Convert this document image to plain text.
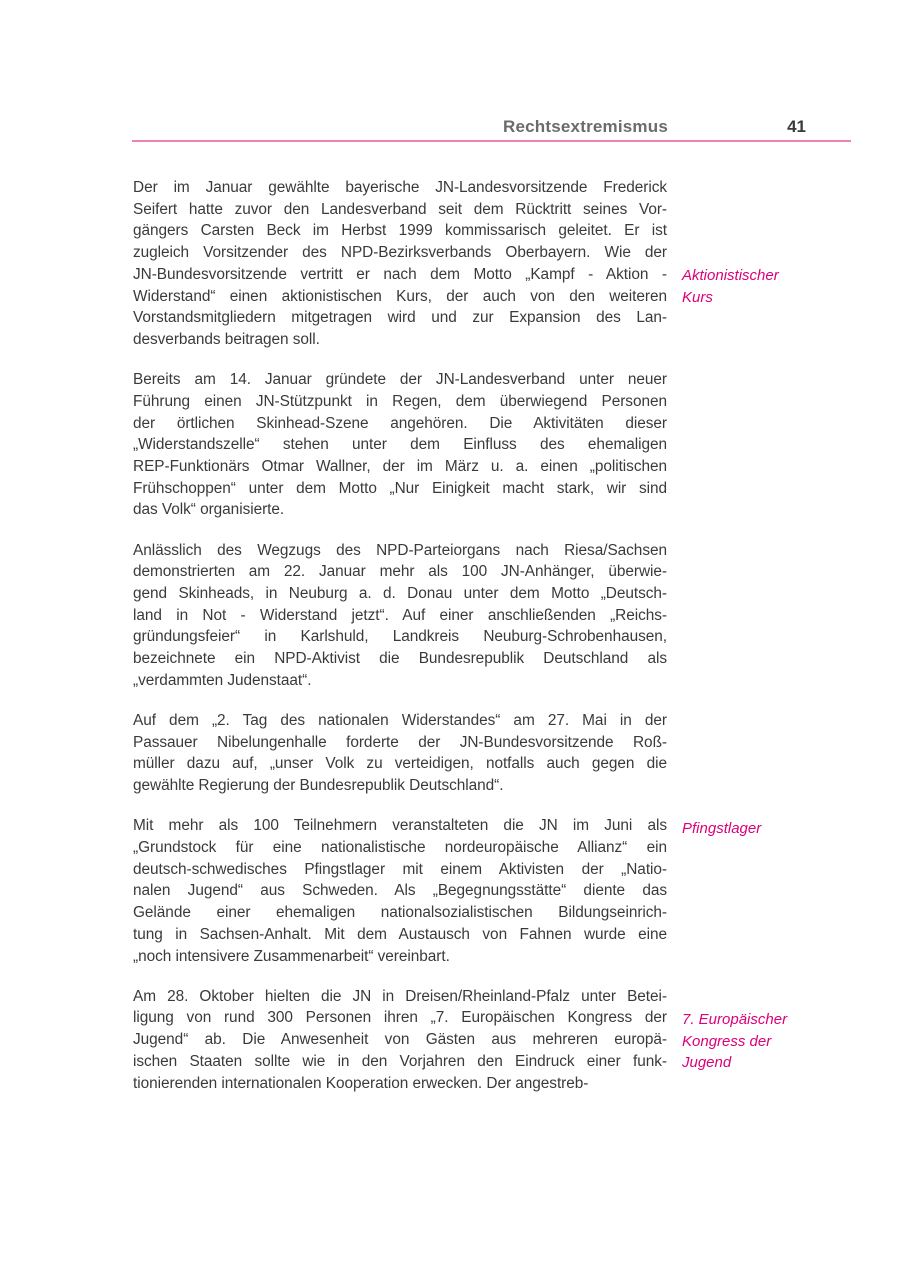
Rechtsextremismus	41

Der im Januar gewählte bayerische JN-Landesvorsitzende Frederick
Seifert hatte zuvor den Landesverband seit dem Rücktritt seines Vor-
gängers Carsten Beck im Herbst 1999 kommissarisch geleitet. Er ist
zugleich Vorsitzender des NPD-Bezirksverbands Oberbayern. Wie der
JN-Bundesvorsitzende vertritt er nach dem Motto „Kampf - Aktion -
Widerstand“ einen aktionistischen Kurs, der auch von den weiteren
Vorstandsmitgliedern mitgetragen wird und zur Expansion des Lan-
desverbands beitragen soll.

Bereits am 14. Januar gründete der JN-Landesverband unter neuer
Führung einen JN-Stützpunkt in Regen, dem überwiegend Personen
der örtlichen Skinhead-Szene angehören. Die Aktivitäten dieser
„Widerstandszelle“ stehen unter dem Einfluss des ehemaligen
REP-Funktionärs Otmar Wallner, der im März u. a. einen „politischen
Frühschoppen“ unter dem Motto „Nur Einigkeit macht stark, wir sind
das Volk“ organisierte.

Anlässlich des Wegzugs des NPD-Parteiorgans nach Riesa/Sachsen
demonstrierten am 22. Januar mehr als 100 JN-Anhänger, überwie-
gend Skinheads, in Neuburg a. d. Donau unter dem Motto „Deutsch-
land in Not - Widerstand jetzt“. Auf einer anschließenden „Reichs-
gründungsfeier“ in Karlshuld, Landkreis Neuburg-Schrobenhausen,
bezeichnete ein NPD-Aktivist die Bundesrepublik Deutschland als
„verdammten Judenstaat“.

Auf dem „2. Tag des nationalen Widerstandes“ am 27. Mai in der
Passauer Nibelungenhalle forderte der JN-Bundesvorsitzende Roß-
müller dazu auf, „unser Volk zu verteidigen, notfalls auch gegen die
gewählte Regierung der Bundesrepublik Deutschland“.

Mit mehr als 100 Teilnehmern veranstalteten die JN im Juni als
„Grundstock für eine nationalistische nordeuropäische Allianz“ ein
deutsch-schwedisches Pfingstlager mit einem Aktivisten der „Natio-
nalen Jugend“ aus Schweden. Als „Begegnungsstätte“ diente das
Gelände einer ehemaligen nationalsozialistischen Bildungseinrich-
tung in Sachsen-Anhalt. Mit dem Austausch von Fahnen wurde eine
„noch intensivere Zusammenarbeit“ vereinbart.

Am 28. Oktober hielten die JN in Dreisen/Rheinland-Pfalz unter Betei-
ligung von rund 300 Personen ihren „7. Europäischen Kongress der
Jugend“ ab. Die Anwesenheit von Gästen aus mehreren europä-
ischen Staaten sollte wie in den Vorjahren den Eindruck einer funk-
tionierenden internationalen Kooperation erwecken. Der angestreb-

Aktionistischer
Kurs
Pfingstlager
7. Europäischer
Kongress der
Jugend
